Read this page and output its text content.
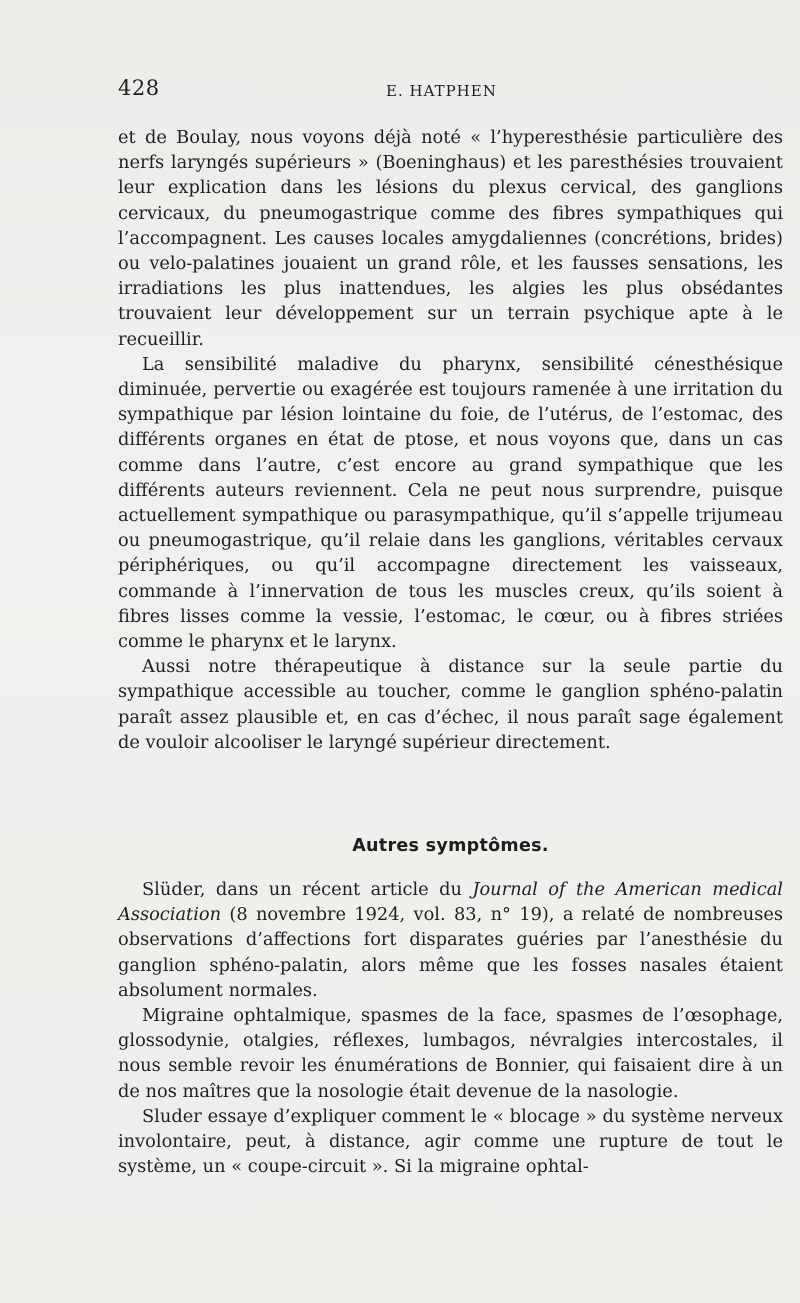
428	E. HATPHEN

et de Boulay, nous voyons déjà noté « l’hyperesthésie particulière des nerfs laryngés supérieurs » (Boeninghaus) et les paresthésies trouvaient leur explication dans les lésions du plexus cervical, des ganglions cervicaux, du pneumogastrique comme des fibres sympathiques qui l’accompagnent. Les causes locales amygdaliennes (concrétions, brides) ou velo-palatines jouaient un grand rôle, et les fausses sensations, les irradiations les plus inattendues, les algies les plus obsédantes trouvaient leur développement sur un terrain psychique apte à le recueillir.

La sensibilité maladive du pharynx, sensibilité cénesthésique diminuée, pervertie ou exagérée est toujours ramenée à une irritation du sympathique par lésion lointaine du foie, de l’utérus, de l’estomac, des différents organes en état de ptose, et nous voyons que, dans un cas comme dans l’autre, c’est encore au grand sympathique que les différents auteurs reviennent. Cela ne peut nous surprendre, puisque actuellement sympathique ou parasympathique, qu’il s’appelle trijumeau ou pneumogastrique, qu’il relaie dans les ganglions, véritables cervaux périphériques, ou qu’il accompagne directement les vaisseaux, commande à l’innervation de tous les muscles creux, qu’ils soient à fibres lisses comme la vessie, l’estomac, le cœur, ou à fibres striées comme le pharynx et le larynx.

Aussi notre thérapeutique à distance sur la seule partie du sympathique accessible au toucher, comme le ganglion sphéno-palatin paraît assez plausible et, en cas d’échec, il nous paraît sage également de vouloir alcooliser le laryngé supérieur directement.

Autres symptômes.

Slüder, dans un récent article du Journal of the American medical Association (8 novembre 1924, vol. 83, n° 19), a relaté de nombreuses observations d’affections fort disparates guéries par l’anesthésie du ganglion sphéno-palatin, alors même que les fosses nasales étaient absolument normales.

Migraine ophtalmique, spasmes de la face, spasmes de l’œsophage, glossodynie, otalgies, réflexes, lumbagos, névralgies intercostales, il nous semble revoir les énumérations de Bonnier, qui faisaient dire à un de nos maîtres que la nosologie était devenue de la nasologie.

Sluder essaye d’expliquer comment le « blocage » du système nerveux involontaire, peut, à distance, agir comme une rupture de tout le système, un « coupe-circuit ». Si la migraine ophtal-
